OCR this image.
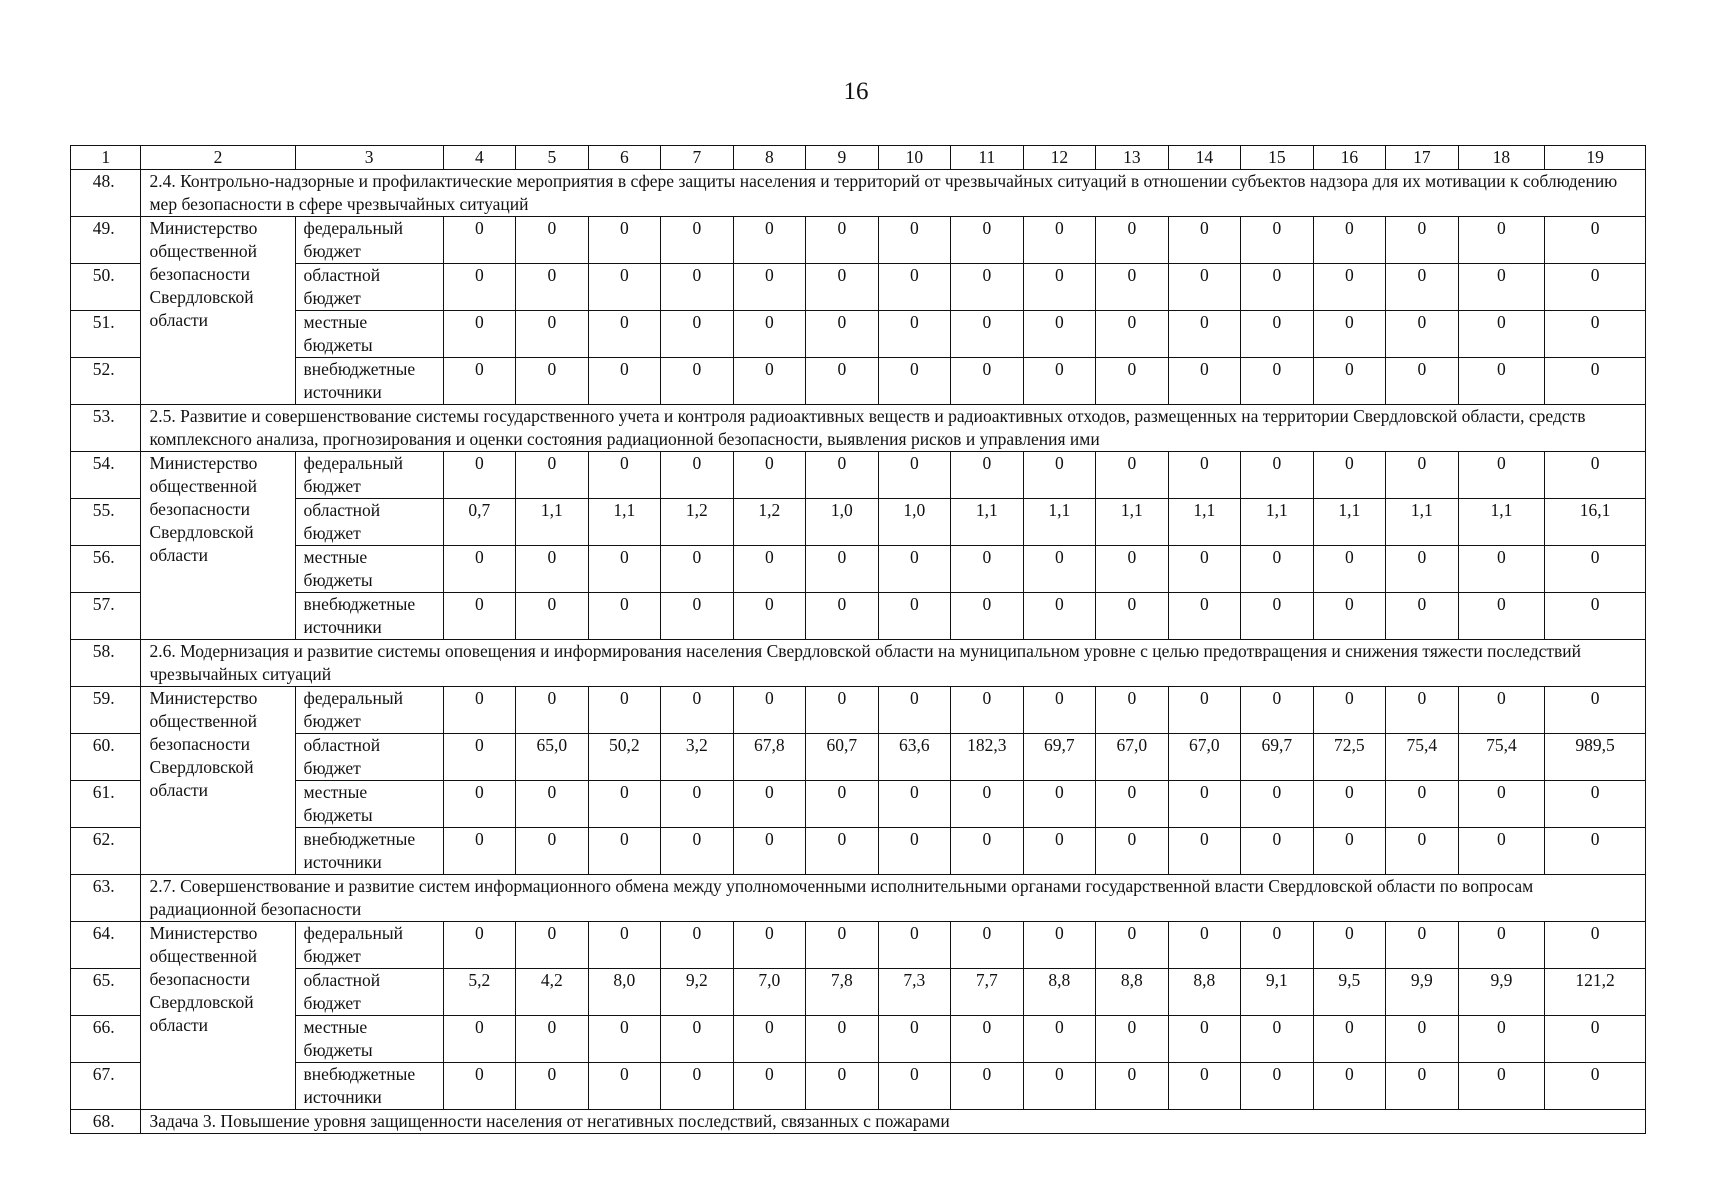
16
1	2	3	4	5	6	7	8	9	10	11	12	13	14	15	16	17	18	19
48.	2.4. Контрольно-надзорные и профилактические мероприятия в сфере защиты населения и территорий от чрезвычайных ситуаций в отношении субъектов надзора для их мотивации к соблюдению мер безопасности в сфере чрезвычайных ситуаций																	
49.	Министерство общественной безопасности Свердловской области	федеральный бюджет	0	0	0	0	0	0	0	0	0	0	0	0	0	0	0	0
50.		областной бюджет	0	0	0	0	0	0	0	0	0	0	0	0	0	0	0	0
51.		местные бюджеты	0	0	0	0	0	0	0	0	0	0	0	0	0	0	0	0
52.		внебюджетные источники	0	0	0	0	0	0	0	0	0	0	0	0	0	0	0	0
53.	2.5. Развитие и совершенствование системы государственного учета и контроля радиоактивных веществ и радиоактивных отходов, размещенных на территории Свердловской области, средств комплексного анализа, прогнозирования и оценки состояния радиационной безопасности, выявления рисков и управления ими																	
54.	Министерство общественной безопасности Свердловской области	федеральный бюджет	0	0	0	0	0	0	0	0	0	0	0	0	0	0	0	0
55.		областной бюджет	0,7	1,1	1,1	1,2	1,2	1,0	1,0	1,1	1,1	1,1	1,1	1,1	1,1	1,1	1,1	16,1
56.		местные бюджеты	0	0	0	0	0	0	0	0	0	0	0	0	0	0	0	0
57.		внебюджетные источники	0	0	0	0	0	0	0	0	0	0	0	0	0	0	0	0
58.	2.6. Модернизация и развитие системы оповещения и информирования населения Свердловской области на муниципальном уровне с целью предотвращения и снижения тяжести последствий чрезвычайных ситуаций																	
59.	Министерство общественной безопасности Свердловской области	федеральный бюджет	0	0	0	0	0	0	0	0	0	0	0	0	0	0	0	0
60.		областной бюджет	0	65,0	50,2	3,2	67,8	60,7	63,6	182,3	69,7	67,0	67,0	69,7	72,5	75,4	75,4	989,5
61.		местные бюджеты	0	0	0	0	0	0	0	0	0	0	0	0	0	0	0	0
62.		внебюджетные источники	0	0	0	0	0	0	0	0	0	0	0	0	0	0	0	0
63.	2.7. Совершенствование и развитие систем информационного обмена между уполномоченными исполнительными органами государственной власти Свердловской области по вопросам радиационной безопасности																	
64.	Министерство общественной безопасности Свердловской области	федеральный бюджет	0	0	0	0	0	0	0	0	0	0	0	0	0	0	0	0
65.		областной бюджет	5,2	4,2	8,0	9,2	7,0	7,8	7,3	7,7	8,8	8,8	8,8	9,1	9,5	9,9	9,9	121,2
66.		местные бюджеты	0	0	0	0	0	0	0	0	0	0	0	0	0	0	0	0
67.		внебюджетные источники	0	0	0	0	0	0	0	0	0	0	0	0	0	0	0	0
68.	Задача 3. Повышение уровня защищенности населения от негативных последствий, связанных с пожарами																	
